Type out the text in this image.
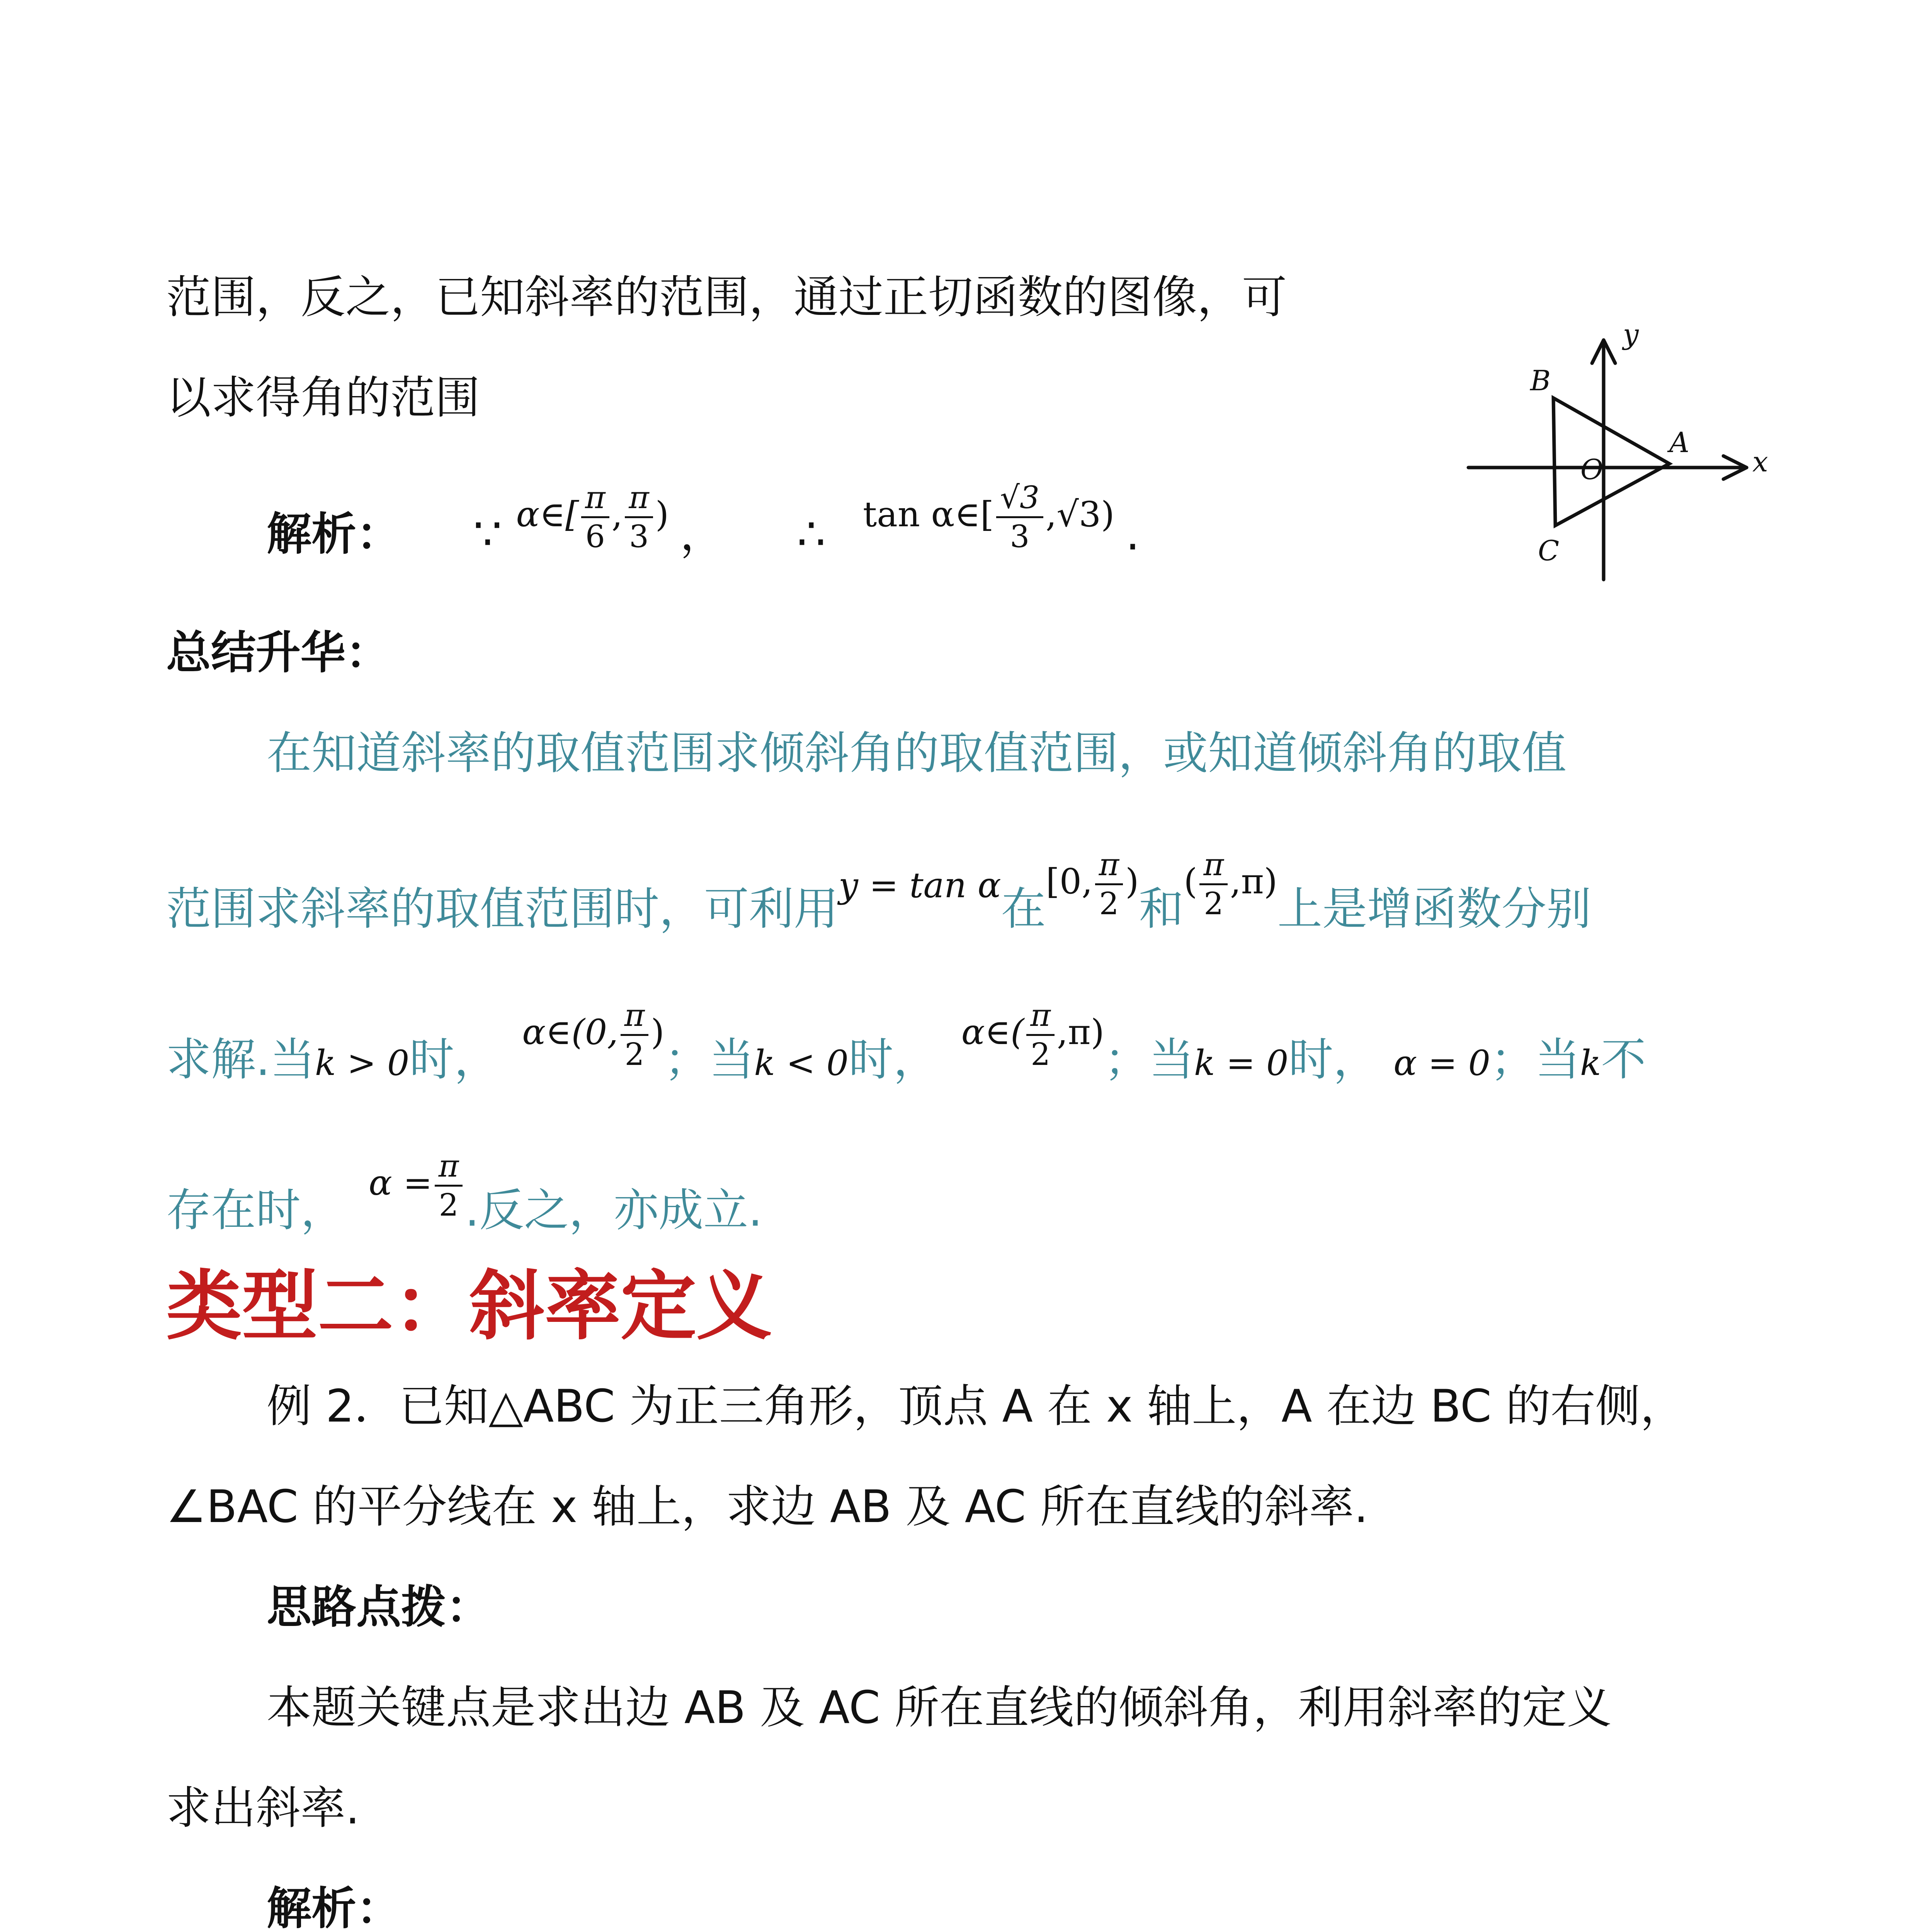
范围，反之，已知斜率的范围，通过正切函数的图像，可
以求得角的范围	B
A
C
O
y
x
解析： ∵ $^{\alpha\in[ \frac{\pi}{6} , \frac{\pi}{3} )}$ ， ∴ $^{tan \alpha\in[ \frac{√3}{3} ,√3)}$ .
总结升华：
在知道斜率的取值范围求倾斜角的取值范围，或知道倾斜角的取值
范围求斜率的取值范围时，可利用$^{y = tan \alpha}$在$^{[0, \frac{\pi}{2} )}$和$^{( \frac{\pi}{2} ,\pi)}$上是增函数分别
求解.当k > 0时，$^{\alpha\in(0, \frac{\pi}{2} )}$；当k < 0时，$^{\alpha\in( \frac{\pi}{2} ,\pi)}$；当k = 0时， α = 0；当k不
存在时，$^{\alpha = \frac{\pi}{2}}$ .反之，亦成立.
类型二：斜率定义
例 2．已知△ABC 为正三角形，顶点 A 在 x 轴上，A 在边 BC 的右侧，
∠BAC 的平分线在 x 轴上，求边 AB 及 AC 所在直线的斜率.
思路点拨：
本题关键点是求出边 AB 及 AC 所在直线的倾斜角，利用斜率的定义
求出斜率.
解析：
